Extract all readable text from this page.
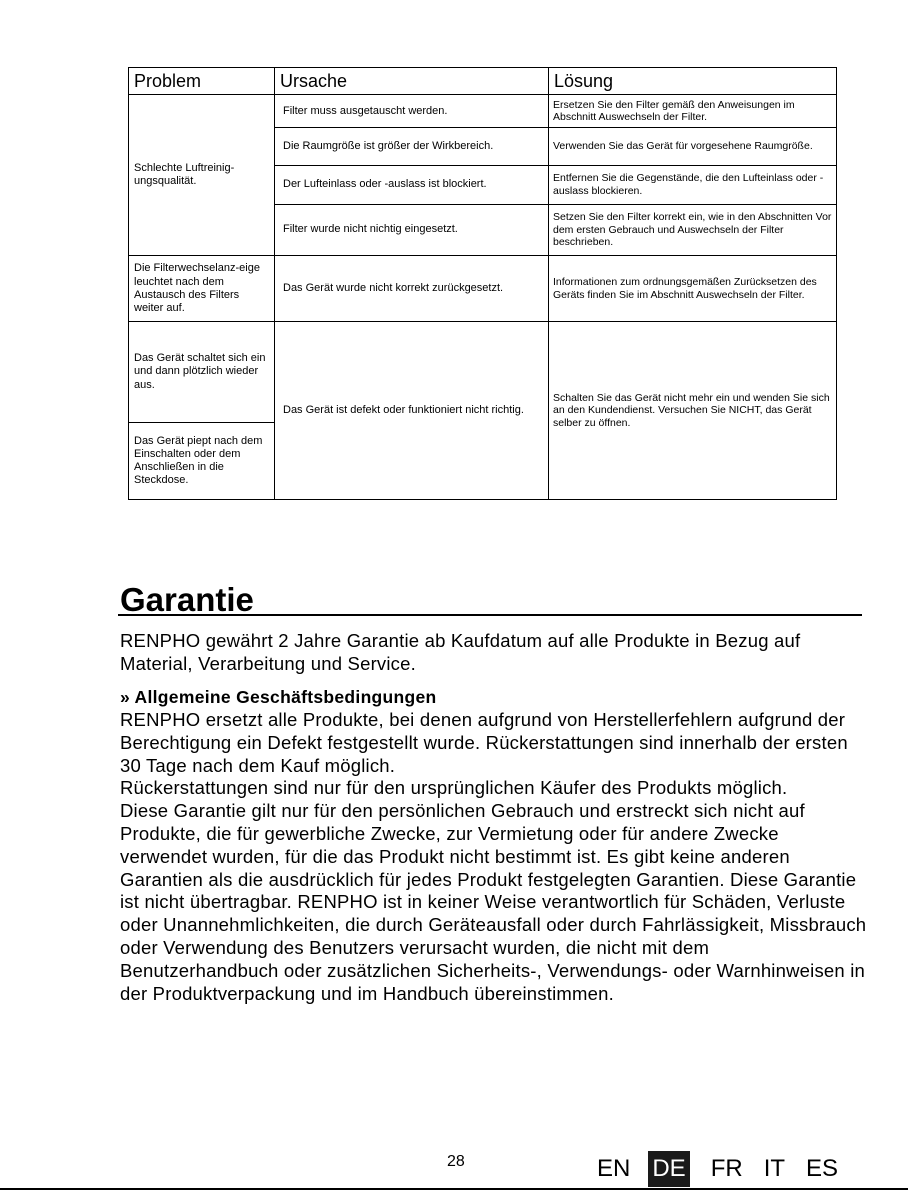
Problem	Ursache	Lösung
Schlechte Luftreinig-ungsqualität.	Filter muss ausgetauscht werden.	Ersetzen Sie den Filter gemäß den Anweisungen im Abschnitt Auswechseln der Filter.
	Die Raumgröße ist größer der Wirkbereich.	Verwenden Sie das Gerät für vorgesehene Raumgröße.
	Der Lufteinlass oder -auslass ist blockiert.	Entfernen Sie die Gegenstände, die den Lufteinlass oder -auslass blockieren.
	Filter wurde nicht nichtig eingesetzt.	Setzen Sie den Filter korrekt ein, wie in den Abschnitten Vor dem ersten Gebrauch und Auswechseln der Filter beschrieben.
Die Filterwechselanz-eige leuchtet nach dem Austausch des Filters weiter auf.	Das Gerät wurde nicht korrekt zurückgesetzt.	Informationen zum ordnungsgemäßen Zurücksetzen des Geräts finden Sie im Abschnitt Auswechseln der Filter.
Das Gerät schaltet sich ein und dann plötzlich wieder aus.	Das Gerät ist defekt oder funktioniert nicht richtig.	Schalten Sie das Gerät nicht mehr ein und wenden Sie sich an den Kundendienst. Versuchen Sie NICHT, das Gerät selber zu öffnen.
Das Gerät piept nach dem Einschalten oder dem Anschließen in die Steckdose.		
Garantie

RENPHO gewährt 2 Jahre Garantie ab Kaufdatum auf alle Produkte in Bezug auf Material, Verarbeitung und Service.

» Allgemeine Geschäftsbedingungen

RENPHO ersetzt alle Produkte, bei denen aufgrund von Herstellerfehlern aufgrund der Berechtigung ein Defekt festgestellt wurde. Rückerstattungen sind innerhalb der ersten 30 Tage nach dem Kauf möglich.

Rückerstattungen sind nur für den ursprünglichen Käufer des Produkts möglich.

Diese Garantie gilt nur für den persönlichen Gebrauch und erstreckt sich nicht auf Produkte, die für gewerbliche Zwecke, zur Vermietung oder für andere Zwecke verwendet wurden, für die das Produkt nicht bestimmt ist. Es gibt keine anderen Garantien als die ausdrücklich für jedes Produkt festgelegten Garantien. Diese Garantie ist nicht übertragbar. RENPHO ist in keiner Weise verantwortlich für Schäden, Verluste oder Unannehmlichkeiten, die durch Geräteausfall oder durch Fahrlässigkeit, Missbrauch oder Verwendung des Benutzers verursacht wurden, die nicht mit dem Benutzerhandbuch oder zusätzlichen Sicherheits-, Verwendungs- oder Warnhinweisen in der Produktverpackung und im Handbuch übereinstimmen.

28	EN DE FR IT ES
